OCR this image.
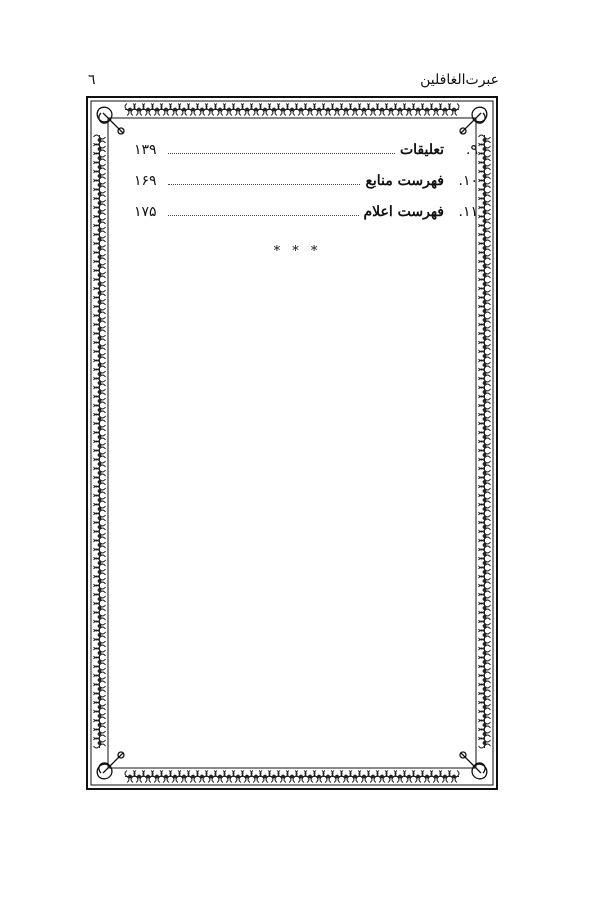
عبرت‌الغافلین
٦
۹.
تعلیقات
۱۳۹
۱۰.
فهرست منابع
۱۶۹
۱۱.
فهرست اعلام
۱۷۵
* * *
